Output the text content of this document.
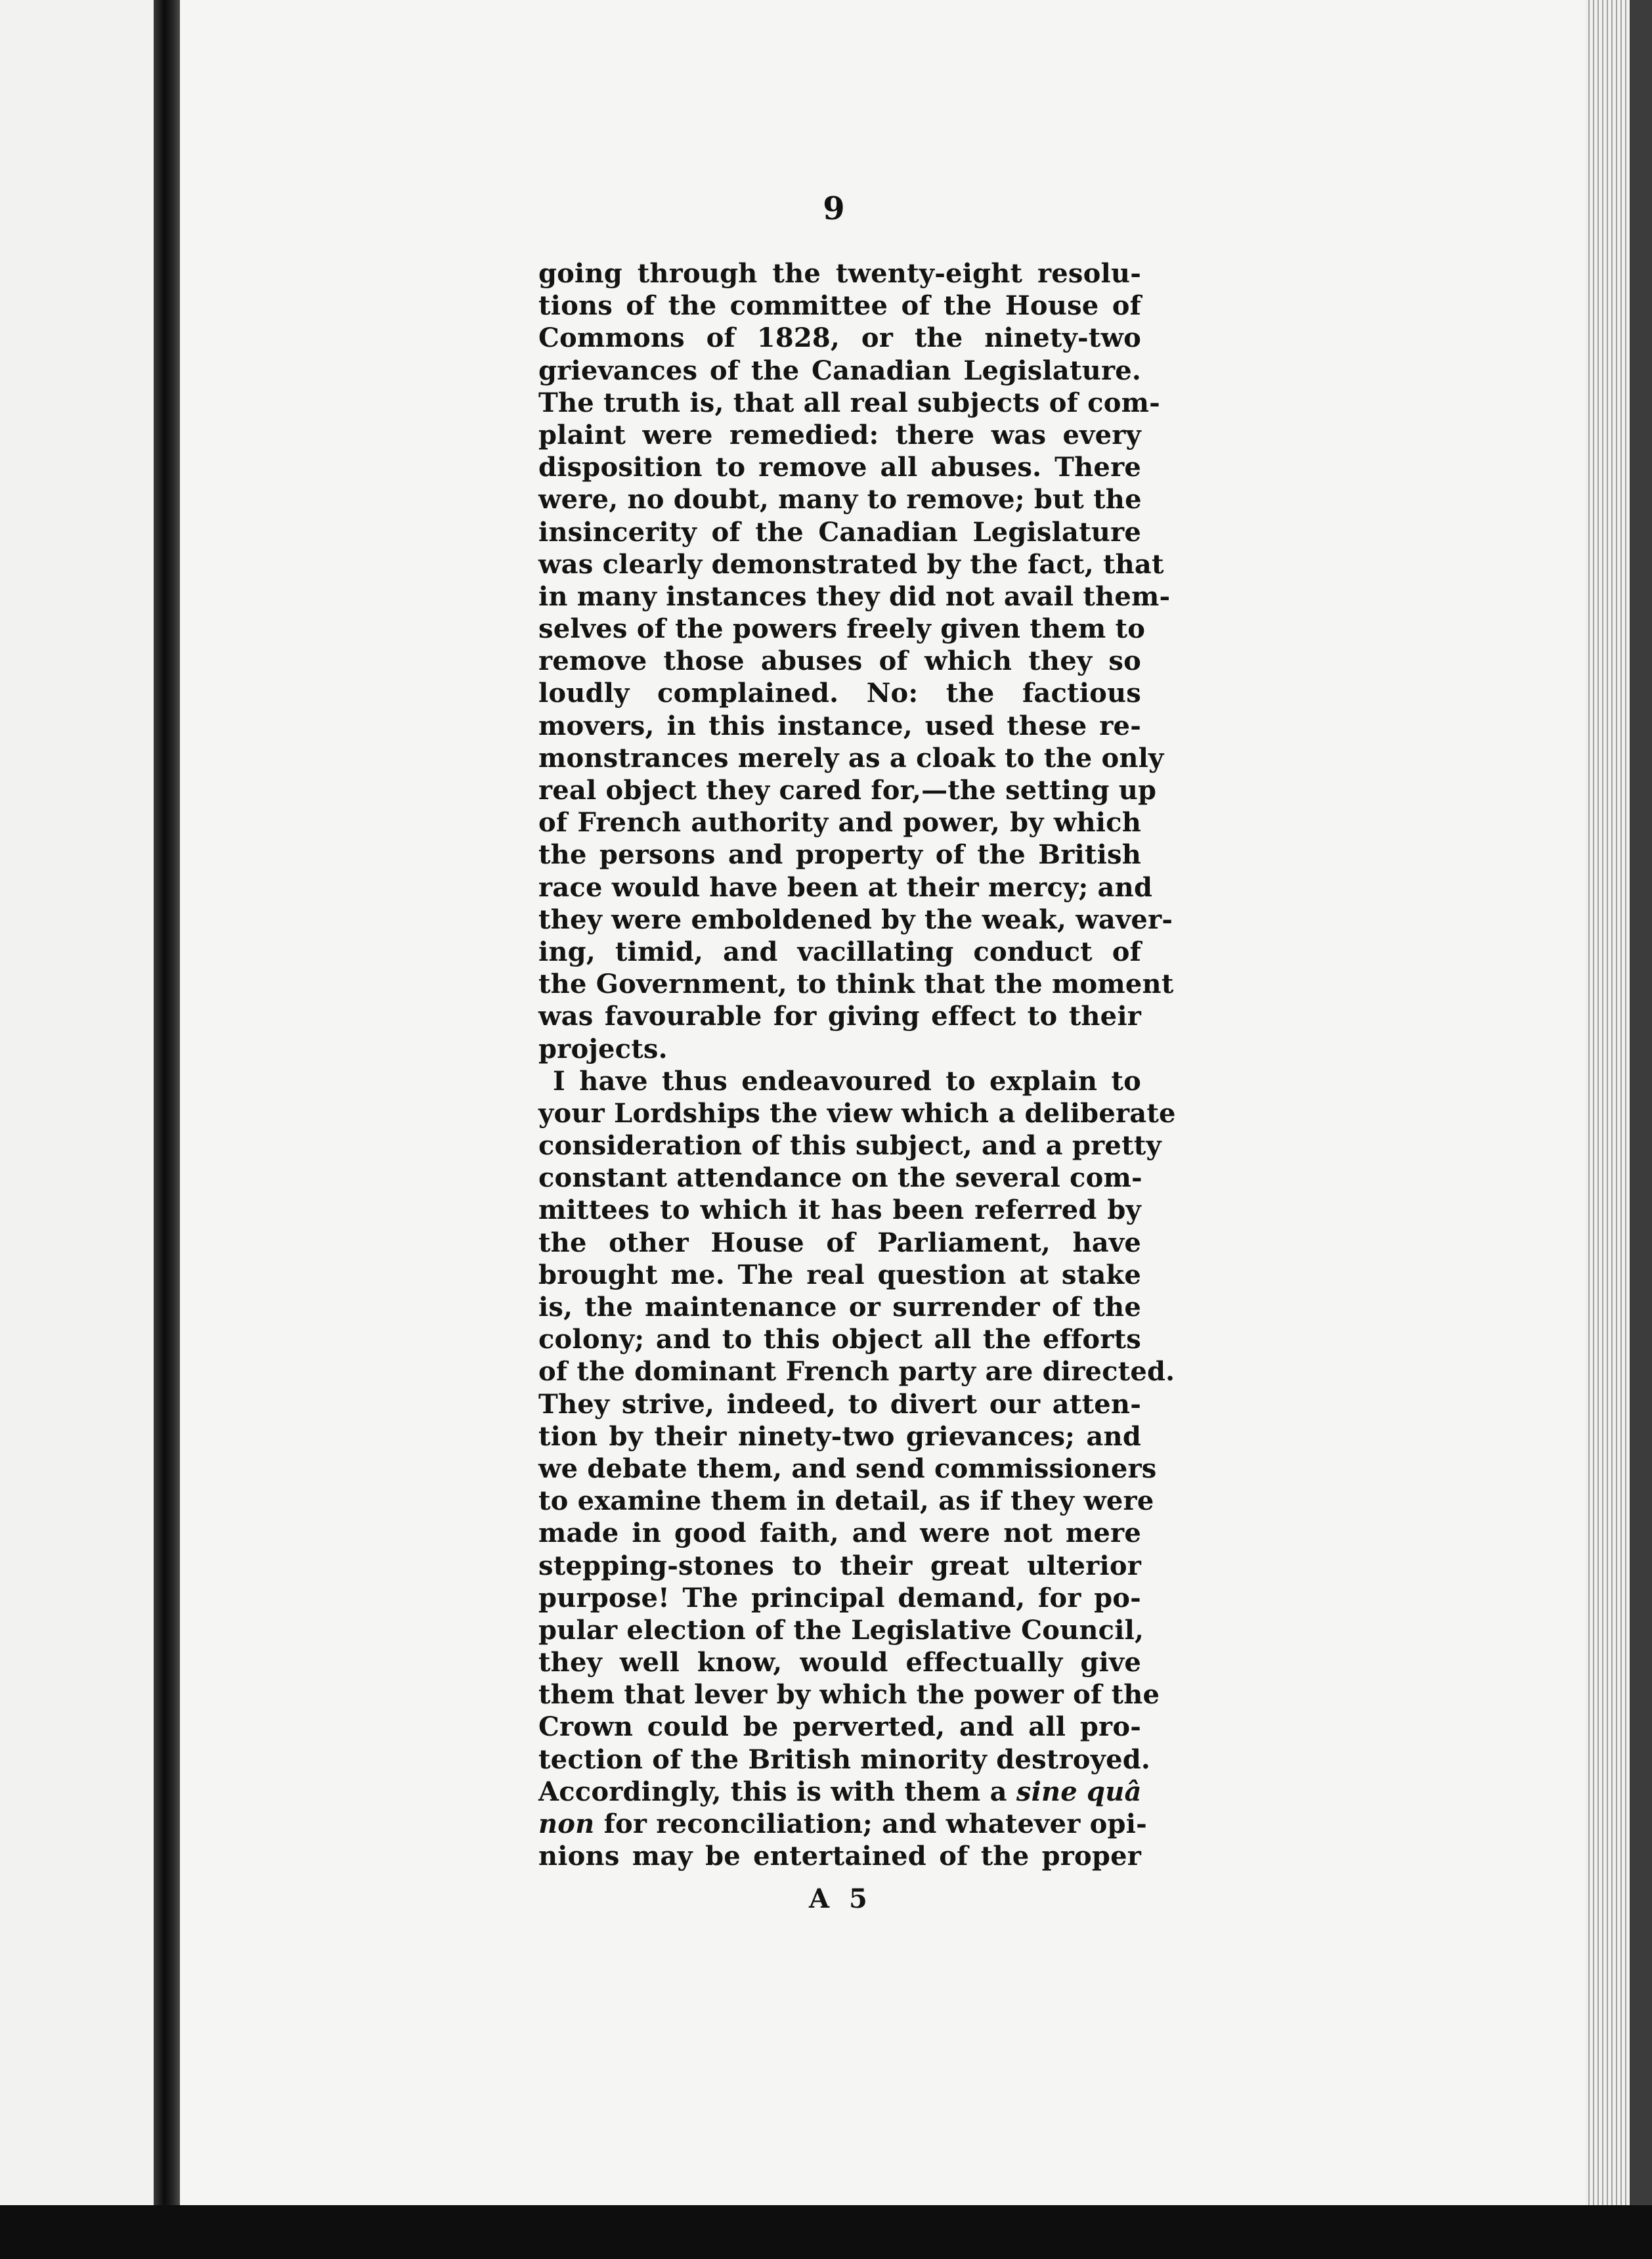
9
going through the twenty-eight resolu-
tions of the committee of the House of
Commons of 1828, or the ninety-two
grievances of the Canadian Legislature.
The truth is, that all real subjects of com-
plaint were remedied: there was every
disposition to remove all abuses. There
were, no doubt, many to remove; but the
insincerity of the Canadian Legislature
was clearly demonstrated by the fact, that
in many instances they did not avail them-
selves of the powers freely given them to
remove those abuses of which they so
loudly complained. No: the factious
movers, in this instance, used these re-
monstrances merely as a cloak to the only
real object they cared for,—the setting up
of French authority and power, by which
the persons and property of the British
race would have been at their mercy; and
they were emboldened by the weak, waver-
ing, timid, and vacillating conduct of
the Government, to think that the moment
was favourable for giving effect to their
projects.
I have thus endeavoured to explain to
your Lordships the view which a deliberate
consideration of this subject, and a pretty
constant attendance on the several com-
mittees to which it has been referred by
the other House of Parliament, have
brought me. The real question at stake
is, the maintenance or surrender of the
colony; and to this object all the efforts
of the dominant French party are directed.
They strive, indeed, to divert our atten-
tion by their ninety-two grievances; and
we debate them, and send commissioners
to examine them in detail, as if they were
made in good faith, and were not mere
stepping-stones to their great ulterior
purpose! The principal demand, for po-
pular election of the Legislative Council,
they well know, would effectually give
them that lever by which the power of the
Crown could be perverted, and all pro-
tection of the British minority destroyed.
Accordingly, this is with them a sine quâ
non for reconciliation; and whatever opi-
nions may be entertained of the proper
A 5
